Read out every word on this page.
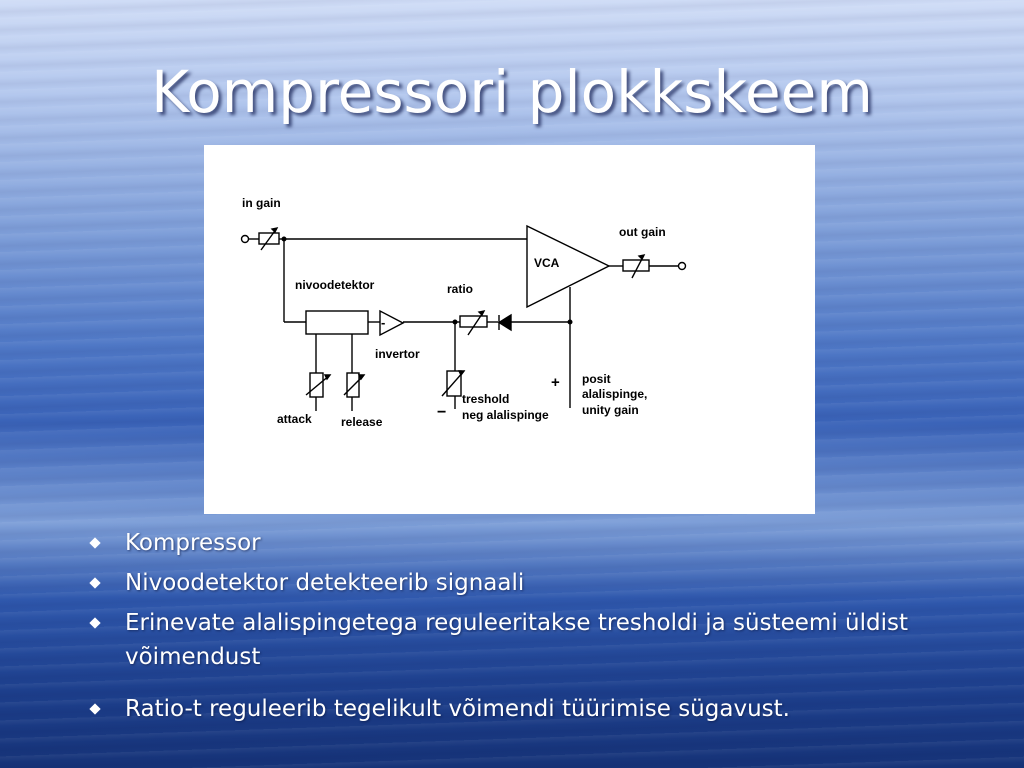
Kompressori plokkskeem
in gain
nivoodetektor	ratio
VCA
out gain
-
invertor
attack release
−
treshold
neg alalispinge
+ posit
alalispinge,
unity gain
Kompressor
Nivoodetektor detekteerib signaali
Erinevate alalispingetega reguleeritakse tresholdi ja süsteemi üldist võimendust
Ratio-t reguleerib tegelikult võimendi tüürimise sügavust.
